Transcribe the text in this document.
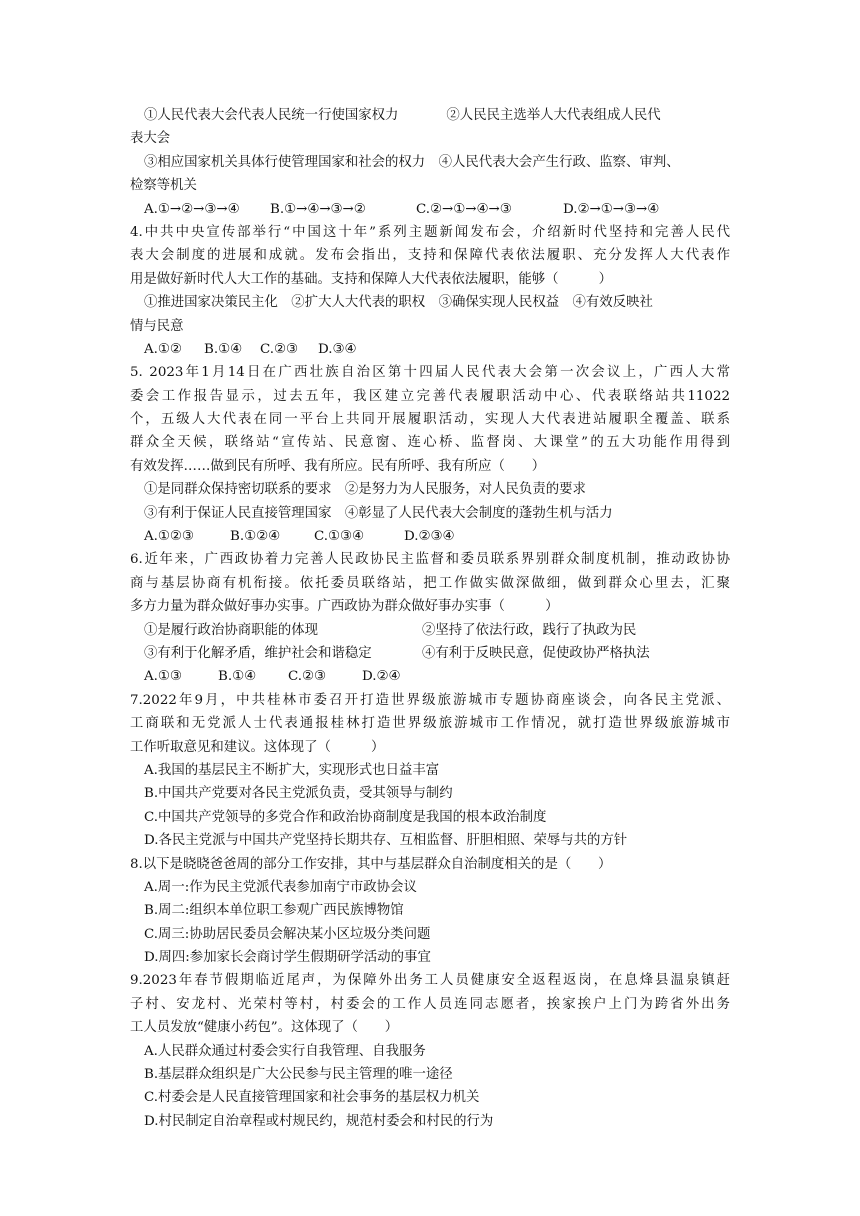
①人民代表大会代表人民统一行使国家权力	②人民民主选举人大代表组成人民代
表大会
③相应国家机关具体行使管理国家和社会的权力　④人民代表大会产生行政、监察、审判、
检察等机关
A.①→②→③→④ B.①→④→③→②	C.②→①→④→③	D.②→①→③→④
4.中共中央宣传部举行“中国这十年”系列主题新闻发布会，介绍新时代坚持和完善人民代
表大会制度的进展和成就。发布会指出，支持和保障代表依法履职、充分发挥人大代表作
用是做好新时代人大工作的基础。支持和保障人大代表依法履职，能够（　　　）
①推进国家决策民主化　②扩大人大代表的职权　③确保实现人民权益　④有效反映社
情与民意
A.①② B.①④ C.②③ D.③④
5. 2023年1月14日在广西壮族自治区第十四届人民代表大会第一次会议上，广西人大常
委会工作报告显示，过去五年，我区建立完善代表履职活动中心、代表联络站共11022
个，五级人大代表在同一平台上共同开展履职活动，实现人大代表进站履职全覆盖、联系
群众全天候，联络站“宣传站、民意窗、连心桥、监督岗、大课堂”的五大功能作用得到
有效发挥……做到民有所呼、我有所应。民有所呼、我有所应（　　）
①是同群众保持密切联系的要求　②是努力为人民服务，对人民负责的要求
③有利于保证人民直接管理国家　④彰显了人民代表大会制度的蓬勃生机与活力
A.①②③	B.①②④	C.①③④	D.②③④
6.近年来，广西政协着力完善人民政协民主监督和委员联系界别群众制度机制，推动政协协
商与基层协商有机衔接。依托委员联络站，把工作做实做深做细，做到群众心里去，汇聚
多方力量为群众做好事办实事。广西政协为群众做好事办实事（　　　）
①是履行政治协商职能的体现	②坚持了依法行政，践行了执政为民
③有利于化解矛盾，维护社会和谐稳定	④有利于反映民意，促使政协严格执法
A.①③	B.①④ C.②③	D.②④
7.2022年9月，中共桂林市委召开打造世界级旅游城市专题协商座谈会，向各民主党派、
工商联和无党派人士代表通报桂林打造世界级旅游城市工作情况，就打造世界级旅游城市
工作听取意见和建议。这体现了（　　　）
A.我国的基层民主不断扩大，实现形式也日益丰富
B.中国共产党要对各民主党派负责，受其领导与制约
C.中国共产党领导的多党合作和政治协商制度是我国的根本政治制度
D.各民主党派与中国共产党坚持长期共存、互相监督、肝胆相照、荣辱与共的方针
8.以下是晓晓爸爸周的部分工作安排，其中与基层群众自治制度相关的是（　　）
A.周一:作为民主党派代表参加南宁市政协会议
B.周二:组织本单位职工参观广西民族博物馆
C.周三:协助居民委员会解决某小区垃圾分类问题
D.周四:参加家长会商讨学生假期研学活动的事宜
9.2023年春节假期临近尾声，为保障外出务工人员健康安全返程返岗，在息烽县温泉镇赶
子村、安龙村、光荣村等村，村委会的工作人员连同志愿者，挨家挨户上门为跨省外出务
工人员发放“健康小药包”。这体现了（　　）
A.人民群众通过村委会实行自我管理、自我服务
B.基层群众组织是广大公民参与民主管理的唯一途径
C.村委会是人民直接管理国家和社会事务的基层权力机关
D.村民制定自治章程或村规民约，规范村委会和村民的行为
